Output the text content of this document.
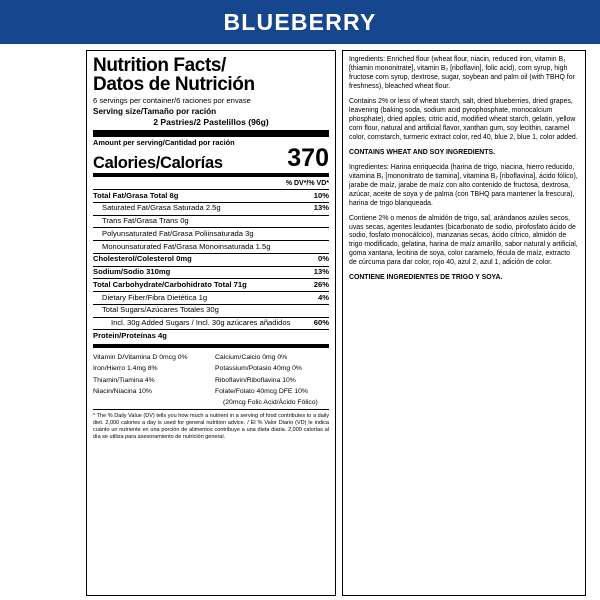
BLUEBERRY
Nutrition Facts/
Datos de Nutrición
6 servings per container/6 raciones por envase
Serving size/Tamaño por ración
2 Pastries/2 Pastelillos (96g)
Amount per serving/Cantidad por ración
Calories/Calorías	370
% DV*/% VD*
Total Fat/Grasa Total 8g	10%
Saturated Fat/Grasa Saturada 2.5g	13%
Trans Fat/Grasa Trans 0g
Polyunsaturated Fat/Grasa Poliinsaturada 3g
Monounsaturated Fat/Grasa Monoinsaturada 1.5g
Cholesterol/Colesterol 0mg	0%
Sodium/Sodio 310mg	13%
Total Carbohydrate/Carbohidrato Total 71g	26%
Dietary Fiber/Fibra Dietética 1g	4%
Total Sugars/Azúcares Totales 30g
Incl. 30g Added Sugars / Incl. 30g azúcares añadidos	60%
Protein/Proteínas 4g
Vitamin D/Vitamina D 0mcg 0%
Iron/Hierro 1.4mg 8%
Thiamin/Tiamina 4%
Niacin/Niacina 10%
Calcium/Calcio 0mg 0%
Potassium/Potasio 40mg 0%
Riboflavin/Riboflavina 10%
Folate/Folato 40mcg DFE 10%
(20mcg Folic Acid/Ácido Fólico)
* The % Daily Value (DV) tells you how much a nutrient in a serving of food contributes to a daily diet. 2,000 calories a day is used for general nutrition advice. / El % Valor Diario (VD) le indica cuánto un nutriente en una porción de alimentos contribuye a una dieta diaria. 2,000 calorías al día se utiliza para asesoramiento de nutrición general.

Ingredients: Enriched flour (wheat flour, niacin, reduced iron, vitamin B₁ [thiamin mononitrate], vitamin B₂ [riboflavin], folic acid), corn syrup, high fructose corn syrup, dextrose, sugar, soybean and palm oil (with TBHQ for freshness), bleached wheat flour.

Contains 2% or less of wheat starch, salt, dried blueberries, dried grapes, leavening (baking soda, sodium acid pyrophosphate, monocalcium phosphate), dried apples, citric acid, modified wheat starch, gelatin, yellow corn flour, natural and artificial flavor, xanthan gum, soy lecithin, caramel color, cornstarch, turmeric extract color, red 40, blue 2, blue 1, color added.

CONTAINS WHEAT AND SOY INGREDIENTS.

Ingredientes: Harina enriquecida (harina de trigo, niacina, hierro reducido, vitamina B₁ [mononitrato de tiamina], vitamina B₂ [riboflavina], ácido fólico), jarabe de maíz, jarabe de maíz con alto contenido de fructosa, dextrosa, azúcar, aceite de soya y de palma (con TBHQ para mantener la frescura), harina de trigo blanqueada.

Contiene 2% o menos de almidón de trigo, sal, arándanos azules secos, uvas secas, agentes leudantes (bicarbonato de sodio, pirofosfato ácido de sodio, fosfato monocálcico), manzanas secas, ácido cítrico, almidón de trigo modificado, gelatina, harina de maíz amarillo, sabor natural y artificial, goma xantana, lecitina de soya, color caramelo, fécula de maíz, extracto de cúrcuma para dar color, rojo 40, azul 2, azul 1, adición de color.

CONTIENE INGREDIENTES DE TRIGO Y SOYA.
